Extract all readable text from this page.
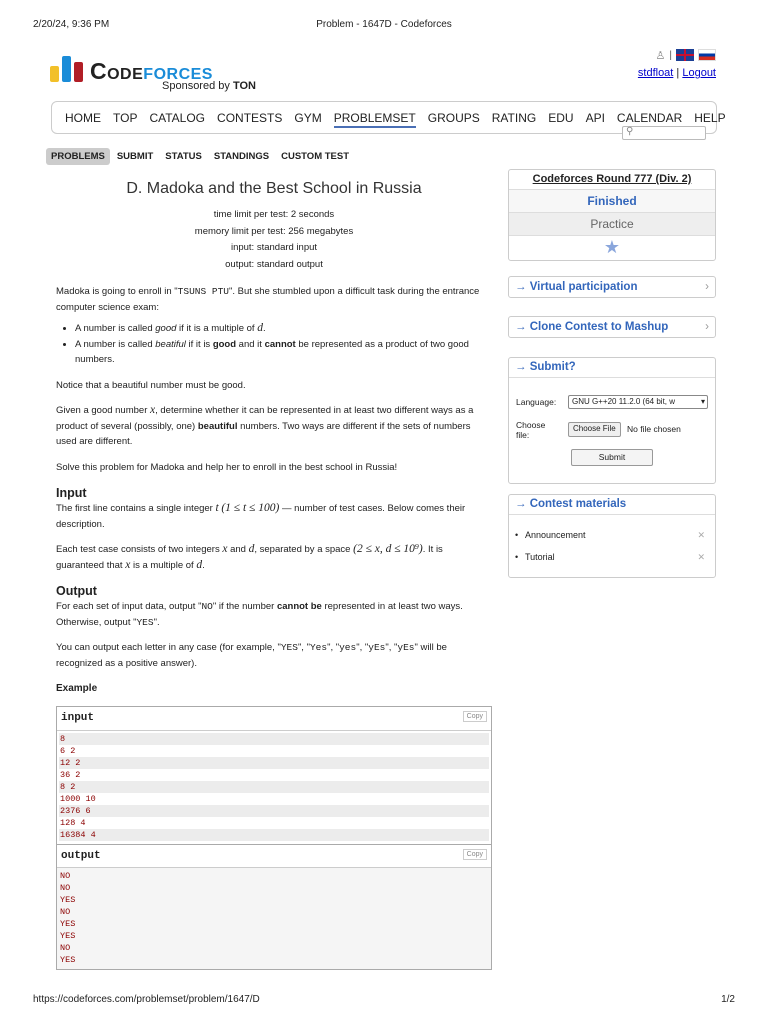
2/20/24, 9:36 PM	Problem - 1647D - Codeforces
Codeforces
Sponsored by TON
♙ |
stdfloat | Logout
HOME TOP CATALOG CONTESTS GYM PROBLEMSET GROUPS RATING EDU API CALENDAR HELP
⚲
PROBLEMS	SUBMIT	STATUS	STANDINGS	CUSTOM TEST
D. Madoka and the Best School in Russia
time limit per test: 2 seconds
memory limit per test: 256 megabytes
input: standard input
output: standard output
Madoka is going to enroll in "TSUNS PTU". But she stumbled upon a difficult task during the entrance computer science exam:
• A number is called good if it is a multiple of d.
• A number is called beatiful if it is good and it cannot be represented as a product of two good numbers.
Notice that a beautiful number must be good.
Given a good number x, determine whether it can be represented in at least two different ways as a product of several (possibly, one) beautiful numbers. Two ways are different if the sets of numbers used are different.
Solve this problem for Madoka and help her to enroll in the best school in Russia!
Input
The first line contains a single integer t (1 ≤ t ≤ 100) — number of test cases. Below comes their description.
Each test case consists of two integers x and d, separated by a space (2 ≤ x, d ≤ 10⁹). It is guaranteed that x is a multiple of d.
Output
For each set of input data, output "NO" if the number cannot be represented in at least two ways. Otherwise, output "YES".
You can output each letter in any case (for example, "YES", "Yes", "yes", "yEs", "yEs" will be recognized as a positive answer).
Example
input	Copy
8
6 2
12 2
36 2
8 2
1000 10
2376 6
128 4
16384 4
output	Copy
NO
NO
YES
NO
YES
YES
NO
YES
Codeforces Round 777 (Div. 2)
Finished
Practice
★
→ Virtual participation	›
→ Clone Contest to Mashup	›
→ Submit?
Language:	GNU G++20 11.2.0 (64 bit, w	▾
Choose file:
Choose File	No file chosen
Submit
→ Contest materials
• Announcement	✕
• Tutorial	✕
https://codeforces.com/problemset/problem/1647/D	1/2
